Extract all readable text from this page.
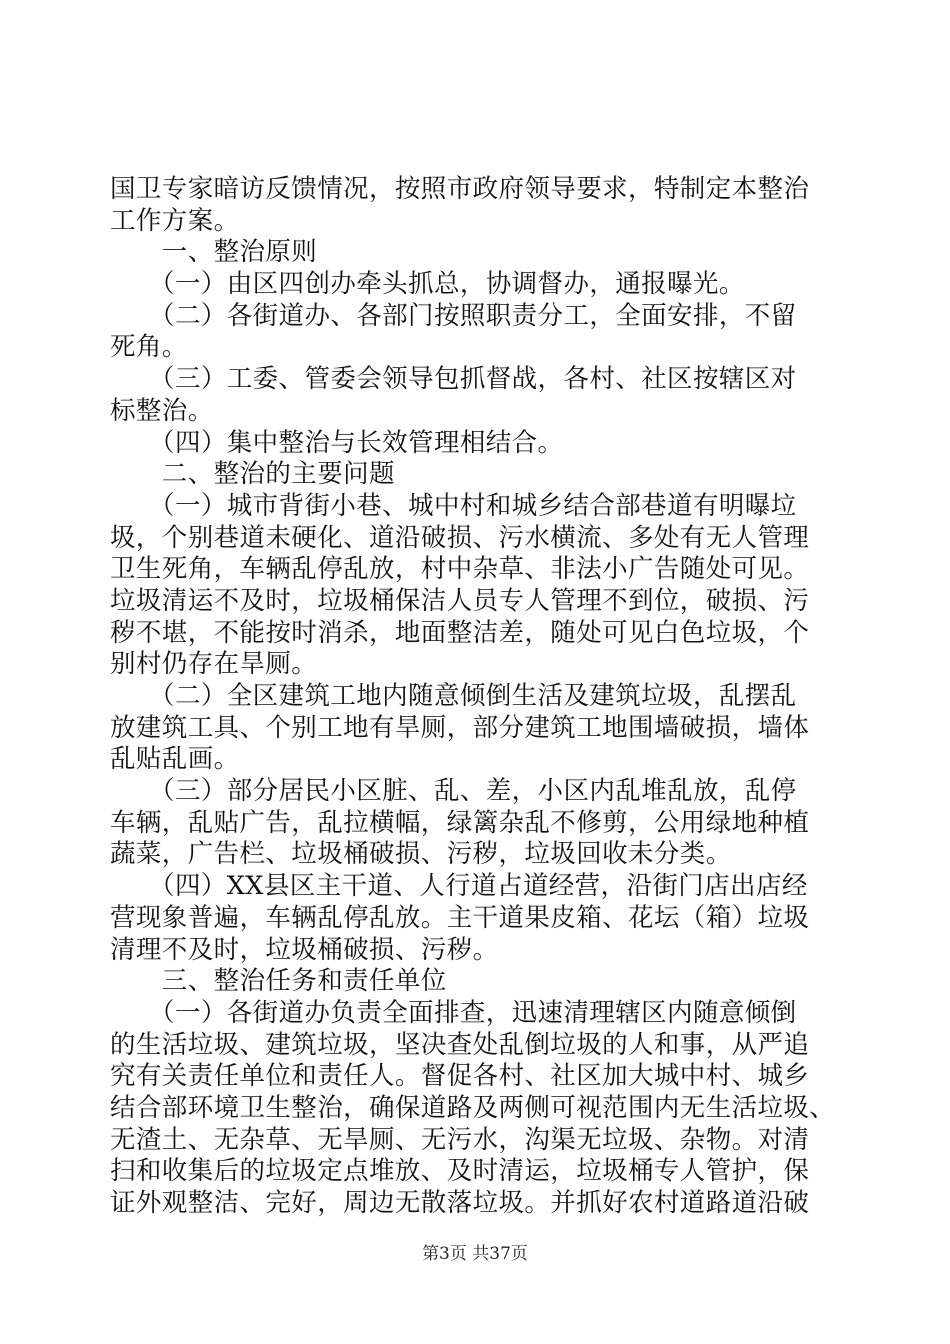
国卫专家暗访反馈情况，按照市政府领导要求，特制定本整治
工作方案。
　　一、整治原则
　　（一）由区四创办牵头抓总，协调督办，通报曝光。
　　（二）各街道办、各部门按照职责分工，全面安排，不留
死角。
　　（三）工委、管委会领导包抓督战，各村、社区按辖区对
标整治。
　　（四）集中整治与长效管理相结合。
　　二、整治的主要问题
　　（一）城市背街小巷、城中村和城乡结合部巷道有明曝垃
圾，个别巷道未硬化、道沿破损、污水横流、多处有无人管理
卫生死角，车辆乱停乱放，村中杂草、非法小广告随处可见。
垃圾清运不及时，垃圾桶保洁人员专人管理不到位，破损、污
秽不堪，不能按时消杀，地面整洁差，随处可见白色垃圾，个
别村仍存在旱厕。
　　（二）全区建筑工地内随意倾倒生活及建筑垃圾，乱摆乱
放建筑工具、个别工地有旱厕，部分建筑工地围墙破损，墙体
乱贴乱画。
　　（三）部分居民小区脏、乱、差，小区内乱堆乱放，乱停
车辆，乱贴广告，乱拉横幅，绿篱杂乱不修剪，公用绿地种植
蔬菜，广告栏、垃圾桶破损、污秽，垃圾回收未分类。
　　（四）XX县区主干道、人行道占道经营，沿街门店出店经
营现象普遍，车辆乱停乱放。主干道果皮箱、花坛（箱）垃圾
清理不及时，垃圾桶破损、污秽。
　　三、整治任务和责任单位
　　（一）各街道办负责全面排查，迅速清理辖区内随意倾倒
的生活垃圾、建筑垃圾，坚决查处乱倒垃圾的人和事，从严追
究有关责任单位和责任人。督促各村、社区加大城中村、城乡
结合部环境卫生整治，确保道路及两侧可视范围内无生活垃圾、
无渣土、无杂草、无旱厕、无污水，沟渠无垃圾、杂物。对清
扫和收集后的垃圾定点堆放、及时清运，垃圾桶专人管护，保
证外观整洁、完好，周边无散落垃圾。并抓好农村道路道沿破
第3页 共37页
